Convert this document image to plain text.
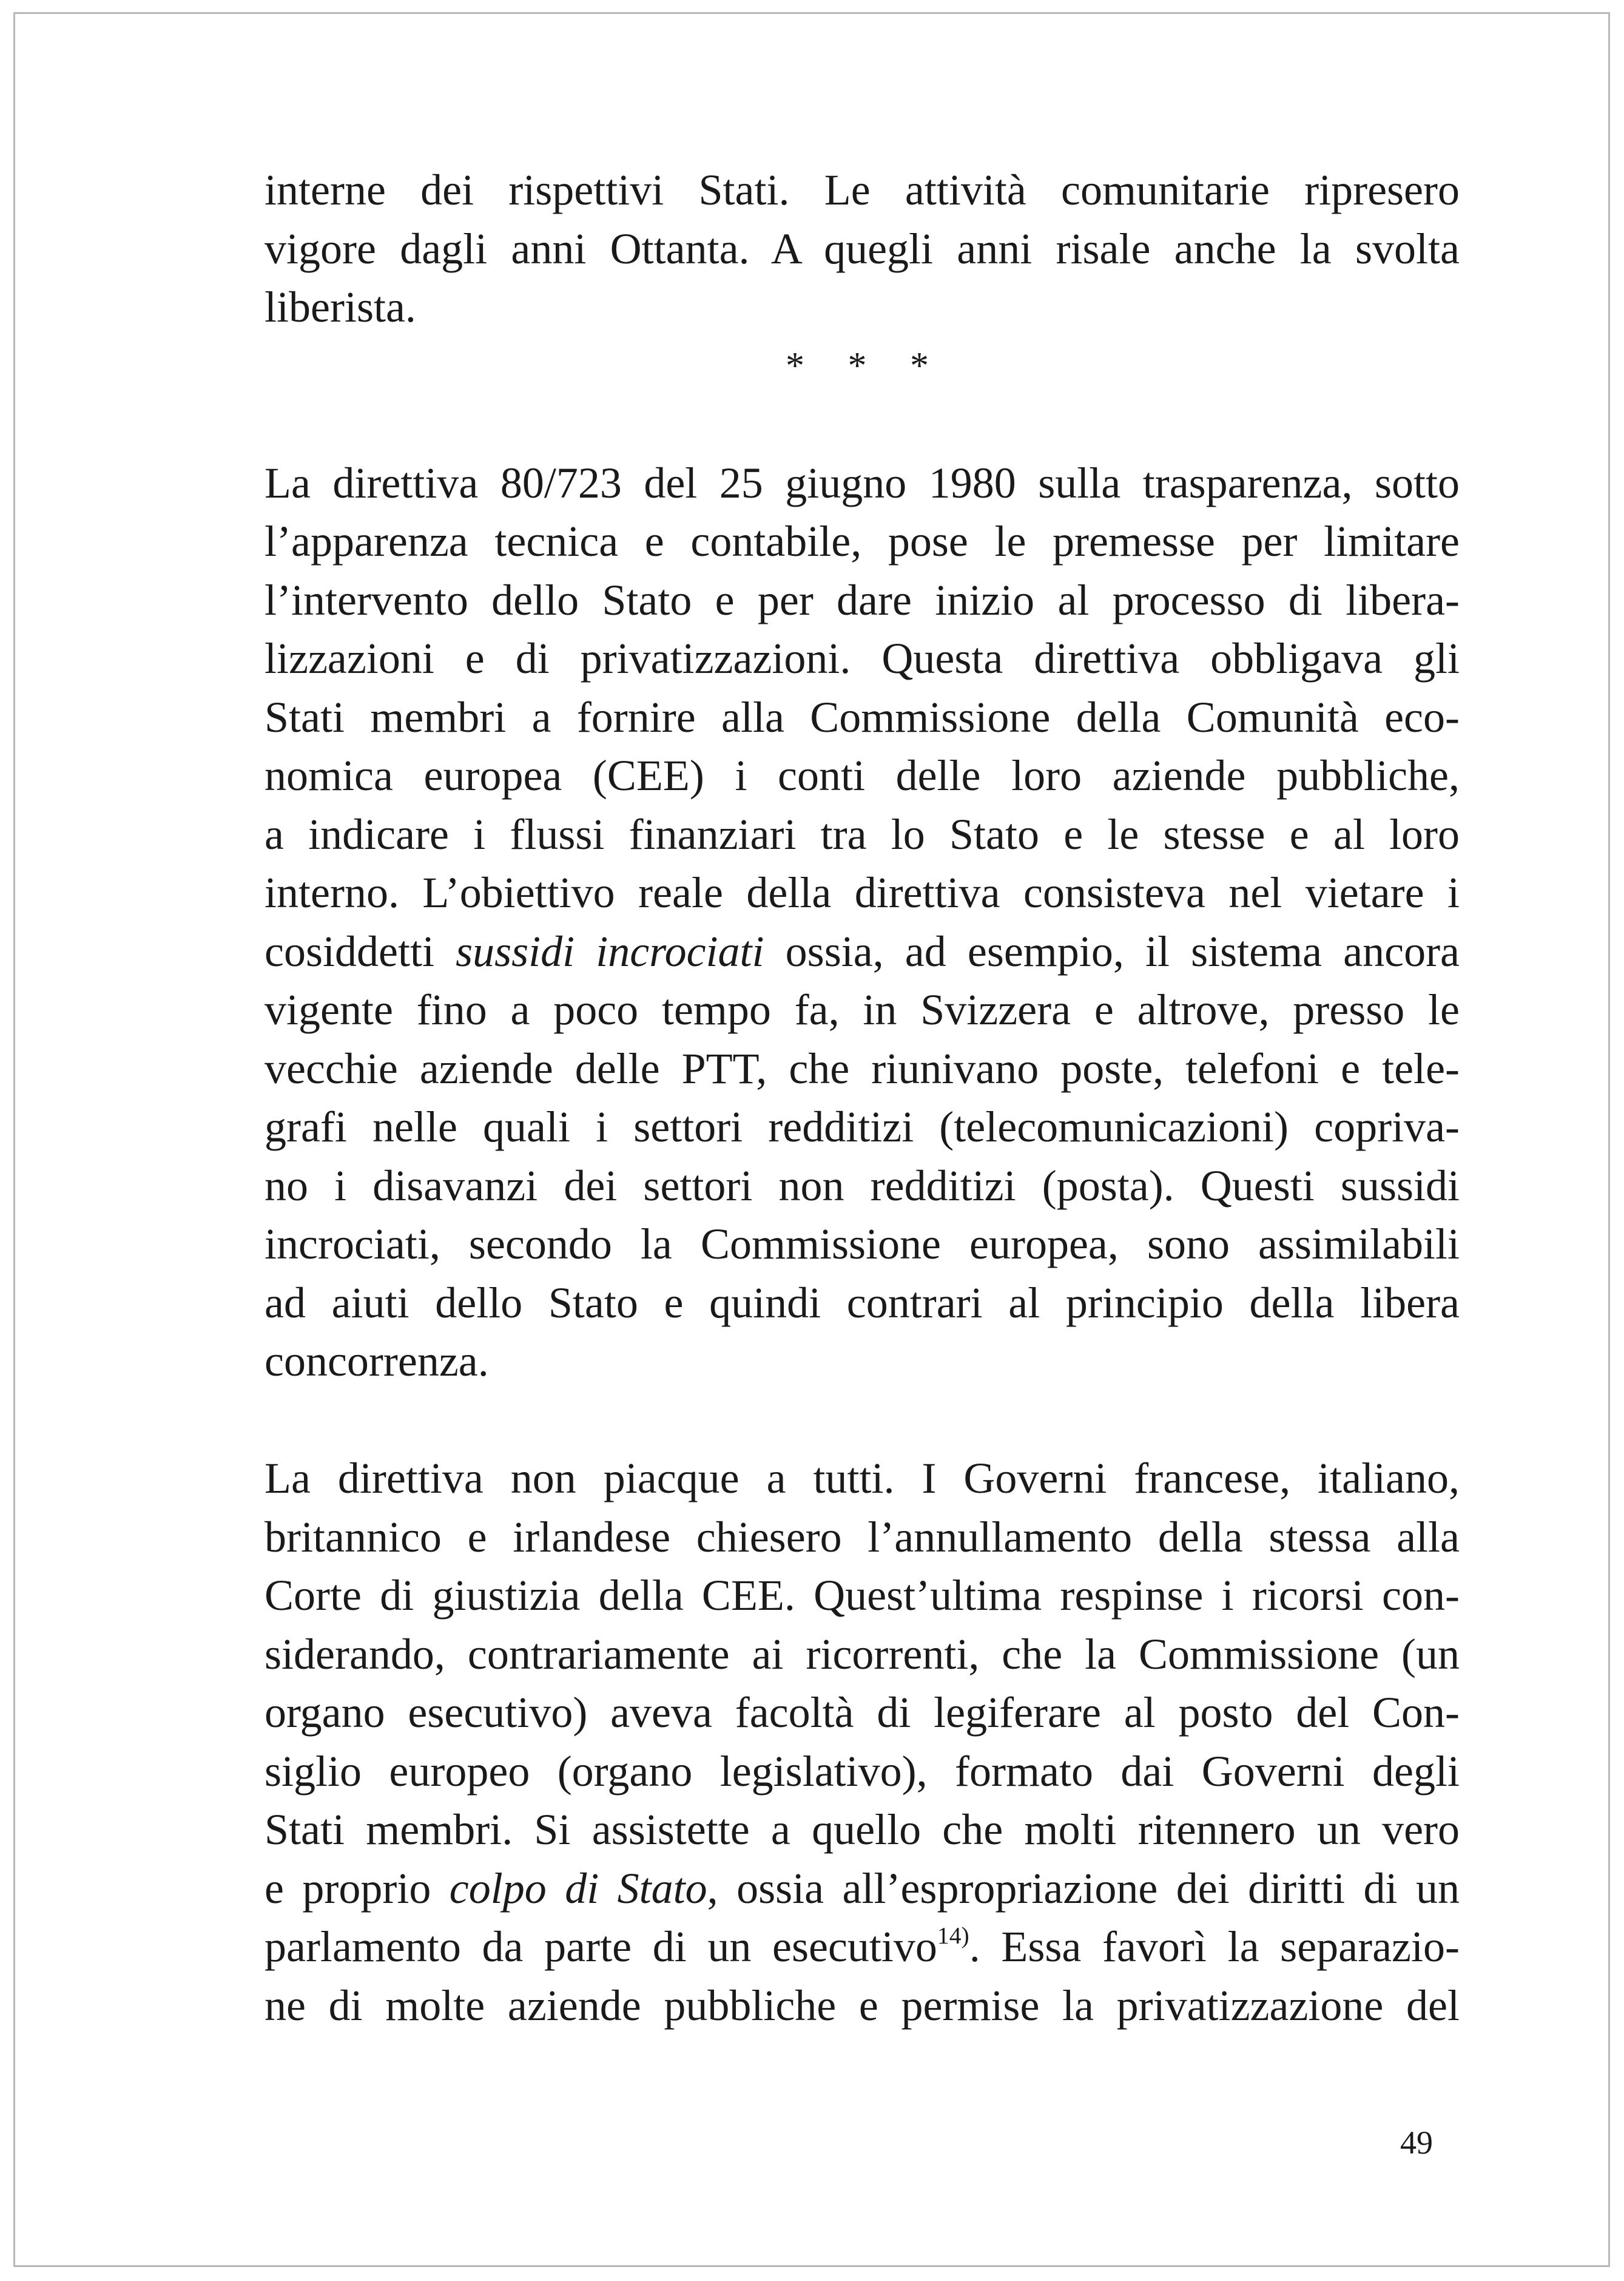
interne dei rispettivi Stati. Le attività comunitarie ripresero
vigore dagli anni Ottanta. A quegli anni risale anche la svolta
liberista.

* * *

La direttiva 80/723 del 25 giugno 1980 sulla trasparenza, sotto
l’apparenza tecnica e contabile, pose le premesse per limitare
l’intervento dello Stato e per dare inizio al processo di libera-
lizzazioni e di privatizzazioni. Questa direttiva obbligava gli
Stati membri a fornire alla Commissione della Comunità eco-
nomica europea (CEE) i conti delle loro aziende pubbliche,
a indicare i flussi finanziari tra lo Stato e le stesse e al loro
interno. L’obiettivo reale della direttiva consisteva nel vietare i
cosiddetti sussidi incrociati ossia, ad esempio, il sistema ancora
vigente fino a poco tempo fa, in Svizzera e altrove, presso le
vecchie aziende delle PTT, che riunivano poste, telefoni e tele-
grafi nelle quali i settori redditizi (telecomunicazioni) copriva-
no i disavanzi dei settori non redditizi (posta). Questi sussidi
incrociati, secondo la Commissione europea, sono assimilabili
ad aiuti dello Stato e quindi contrari al principio della libera
concorrenza.

La direttiva non piacque a tutti. I Governi francese, italiano,
britannico e irlandese chiesero l’annullamento della stessa alla
Corte di giustizia della CEE. Quest’ultima respinse i ricorsi con-
siderando, contrariamente ai ricorrenti, che la Commissione (un
organo esecutivo) aveva facoltà di legiferare al posto del Con-
siglio europeo (organo legislativo), formato dai Governi degli
Stati membri. Si assistette a quello che molti ritennero un vero
e proprio colpo di Stato, ossia all’espropriazione dei diritti di un
parlamento da parte di un esecutivo$^{14)}$. Essa favorì la separazio-
ne di molte aziende pubbliche e permise la privatizzazione del

49
